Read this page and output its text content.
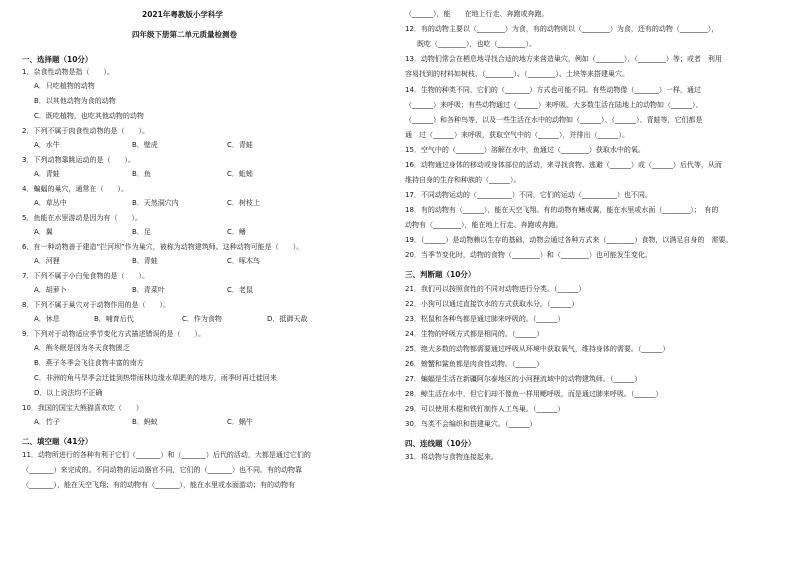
2021年粤教版小学科学
四年级下册第二单元质量检测卷
一、选择题（10分）
1．杂食性动物是指（　　）。
A．只吃植物的动物
B．以其他动物为食的动物
C．既吃植物，也吃其他动物的动物
2．下列不属于肉食性动物的是（　　）。
A．水牛	B．壁虎	C．青蛙
3．下列动物靠跳运动的是（　　）。
A．青蛙	B．鱼	C．蚯蚓
4．蝙蝠的巢穴，通常在（　　）。
A．草丛中	B．天然洞穴内	C．树枝上
5．鱼能在水里游动是因为有（　　）。
A．翼	B．足	C．鳍
6．有一种动物善于建造“拦河坝”作为巢穴，被称为动物建筑师。这种动物可能是（　　）。
A．河狸	B．青蛙	C．啄木鸟
7．下列不属于小白兔食物的是（　　）。
A．胡萝卜	B．青菜叶	C．老鼠
8．下列不属于巢穴对于动物作用的是（　　）。
A．休息	B．哺育后代	C．作为食物	D．抵御天敌
9．下列对于动物适应季节变化方式描述错误的是（　　）。
A．熊冬眠是因为冬天食物匮乏
B．燕子冬季会飞往食物丰富的南方
C．非洲的角马旱季会迁徙到热带雨林边缘水草肥美的地方，雨季时再迁徙回来
D．以上说法均不正确
10．我国的国宝大熊猫喜欢吃（　　）
A．竹子	B．蚂蚁	C．蜗牛
二、填空题（41分）
11．动物所进行的各种有利于它们（_______）和（_______）后代的活动，大都是通过它们的
（_______）来完成的。不同动物的运动器官不同，它们的（_______）也不同。有的动物靠
（_______），能在天空飞翔；有的动物有（_______），能在水里或水面游动；有的动物有
（______），能　　在地上行走、奔跑或奔跑。
12．有的动物主要以（________）为食，有的动物则以（________）为食，还有的动物（________），
既吃（________），也吃（________）。
13．动物们常会在栖息地寻找合适的地方来营造巢穴，例如（________）、（________）等；或者　利用
容易找到的材料如树枝、（________）、（________）、土块等来搭建巢穴。
14．生物的种类不同，它们的（_______）方式也可能不同。有些动物像（_______）一样，通过
（______）来呼吸；有些动物通过（______）来呼吸。大多数生活在陆地上的动物如（______）、
（______）和各种鸟等，以及一些生活在水中的动物如（______）、（______）、青蛙等，它们都是
通　过（______）来呼吸，获取空气中的（______），并排出（______）。
15．空气中的（________）溶解在水中，鱼通过（________）获取水中的氧。
16．动物通过身体的移动或身体部位的活动，来寻找食物、逃避（______）或（______）后代等，从而
维持自身的生存和种族的（______）。
17．不同动物运动的（__________）不同，它们的运动（__________）也不同。
18．有的动物有（______），能在天空飞翔。有的动物有鳍或翼，能在水里或水面（________）；　有的
动物有（________），能在地上行走、奔跑或奔跑。
19．（______）是动物赖以生存的基础，动物会通过各种方式来（________）食物，以满足自身的　需要。
20．当季节变化时，动物的食物（________）和（________）也可能发生变化。
三、判断题（10分）
21．我们可以按照食性的不同对动物进行分类。（______）
22．小狗可以通过直接饮水的方式获取水分。（______）
23．松鼠和各种鸟都是通过肺来呼吸的。（______）
24．生物的呼吸方式都是相同的。（______）
25．绝大多数的动物都需要通过呼吸从环境中获取氧气，维持身体的需要。（______）
26．螃蟹和鲨鱼都是肉食性动物。（______）
27．蝙蝠是生活在新疆阿尔泰地区的小河狸流域中的动物建筑师。（______）
28．鲸生活在水中，但它们却不像鱼一样用鳃呼吸，而是通过肺来呼吸。（______）
29．可以使用木棍和铁钉制作人工鸟巢。（______）
30．鸟类不会编织和搭建巢穴。（______）
四、连线题（10分）
31．将动物与食物连接起来。
